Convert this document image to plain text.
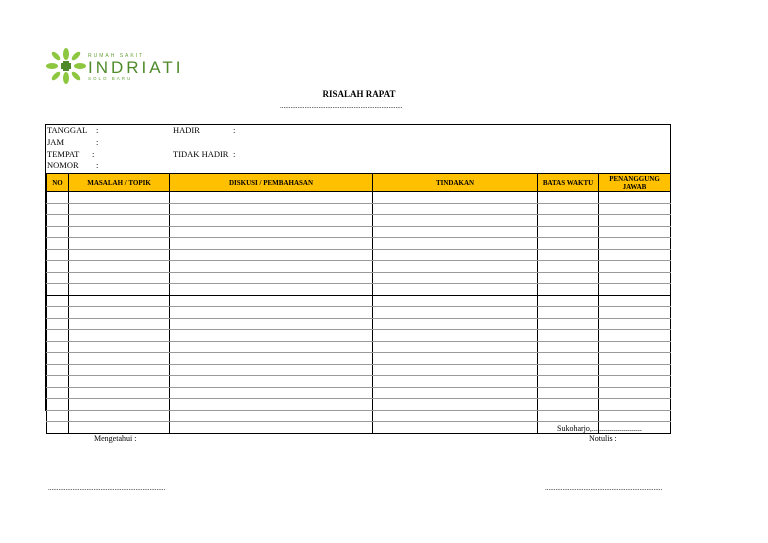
RUMAH SAKIT
INDRIATI
SOLO BARU
RISALAH RAPAT
......................................................................
TANGGAL :
JAM	:
TEMPAT :
NOMOR :
HADIR	:
TIDAK HADIR :
NO	MASALAH / TOPIK	DISKUSI / PEMBAHASAN	TINDAKAN	BATAS WAKTU	PENANGGUNG JAWAB

Sukoharjo,.........................
Mengetahui :	Notulis :
...................................................................	...................................................................
